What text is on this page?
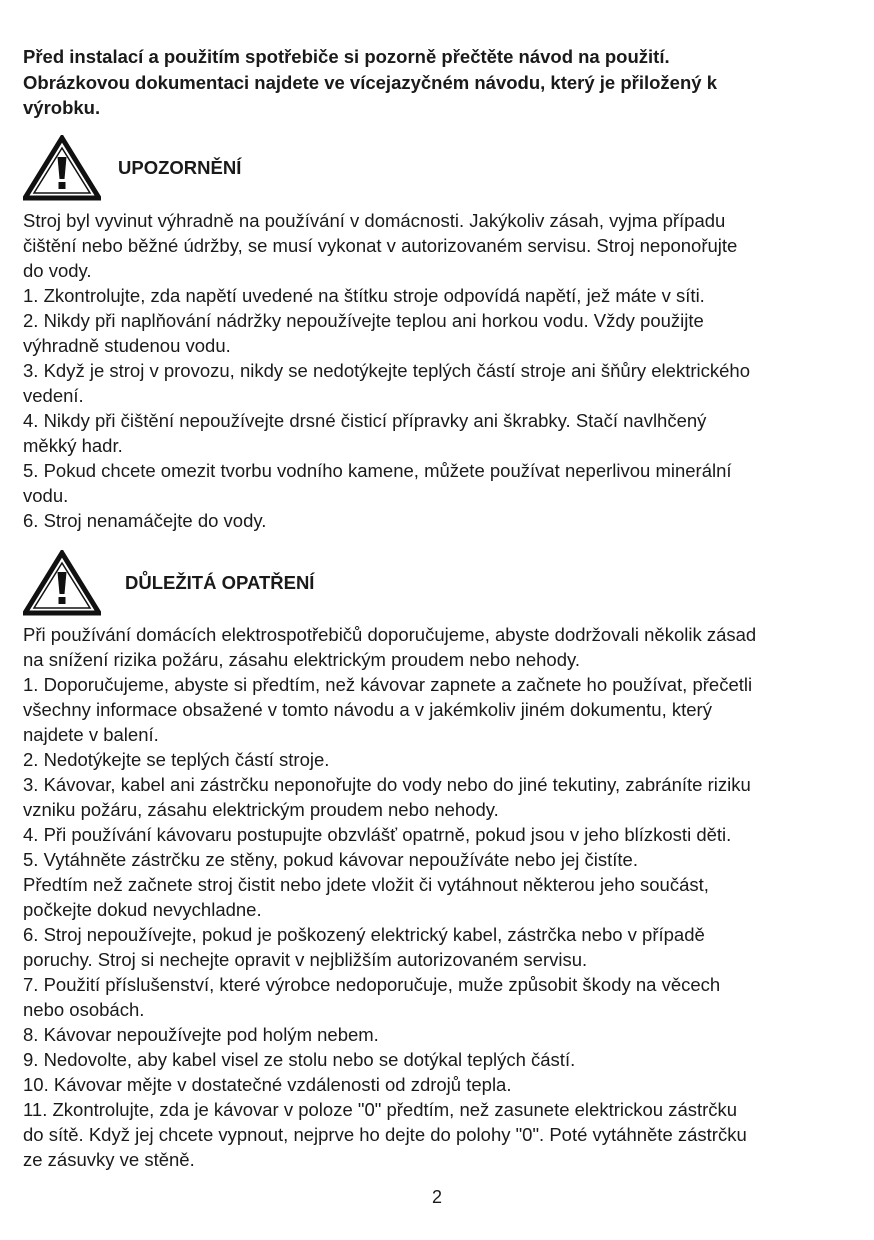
Před instalací a použitím spotřebiče si pozorně přečtěte návod na použití.
Obrázkovou dokumentaci najdete ve vícejazyčném návodu, který je přiložený k
výrobku.
UPOZORNĚNÍ

Stroj byl vyvinut výhradně na používání v domácnosti. Jakýkoliv zásah, vyjma případu

čištění nebo běžné údržby, se musí vykonat v autorizovaném servisu. Stroj neponořujte

do vody.

1. Zkontrolujte, zda napětí uvedené na štítku stroje odpovídá napětí, jež máte v síti.

2. Nikdy při naplňování nádržky nepoužívejte teplou ani horkou vodu. Vždy použijte

výhradně studenou vodu.

3. Když je stroj v provozu, nikdy se nedotýkejte teplých částí stroje ani šňůry elektrického

vedení.

4. Nikdy při čištění nepoužívejte drsné čisticí přípravky ani škrabky. Stačí navlhčený

měkký hadr.

5. Pokud chcete omezit tvorbu vodního kamene, můžete používat neperlivou minerální

vodu.

6. Stroj nenamáčejte do vody.

DŮLEŽITÁ OPATŘENÍ

Při používání domácích elektrospotřebičů doporučujeme, abyste dodržovali několik zásad

na snížení rizika požáru, zásahu elektrickým proudem nebo nehody.

1. Doporučujeme, abyste si předtím, než kávovar zapnete a začnete ho používat, přečetli

všechny informace obsažené v tomto návodu a v jakémkoliv jiném dokumentu, který

najdete v balení.

2. Nedotýkejte se teplých částí stroje.

3. Kávovar, kabel ani zástrčku neponořujte do vody nebo do jiné tekutiny, zabráníte riziku

vzniku požáru, zásahu elektrickým proudem nebo nehody.

4. Při používání kávovaru postupujte obzvlášť opatrně, pokud jsou v jeho blízkosti děti.

5. Vytáhněte zástrčku ze stěny, pokud kávovar nepoužíváte nebo jej čistíte.

Předtím než začnete stroj čistit nebo jdete vložit či vytáhnout některou jeho součást,

počkejte dokud nevychladne.

6. Stroj nepoužívejte, pokud je poškozený elektrický kabel, zástrčka nebo v případě

poruchy. Stroj si nechejte opravit v nejbližším autorizovaném servisu.

7. Použití příslušenství, které výrobce nedoporučuje, muže způsobit škody na věcech

nebo osobách.

8. Kávovar nepoužívejte pod holým nebem.

9. Nedovolte, aby kabel visel ze stolu nebo se dotýkal teplých částí.

10. Kávovar mějte v dostatečné vzdálenosti od zdrojů tepla.

11. Zkontrolujte, zda je kávovar v poloze "0" předtím, než zasunete elektrickou zástrčku

do sítě. Když jej chcete vypnout, nejprve ho dejte do polohy "0". Poté vytáhněte zástrčku

ze zásuvky ve stěně.

2
